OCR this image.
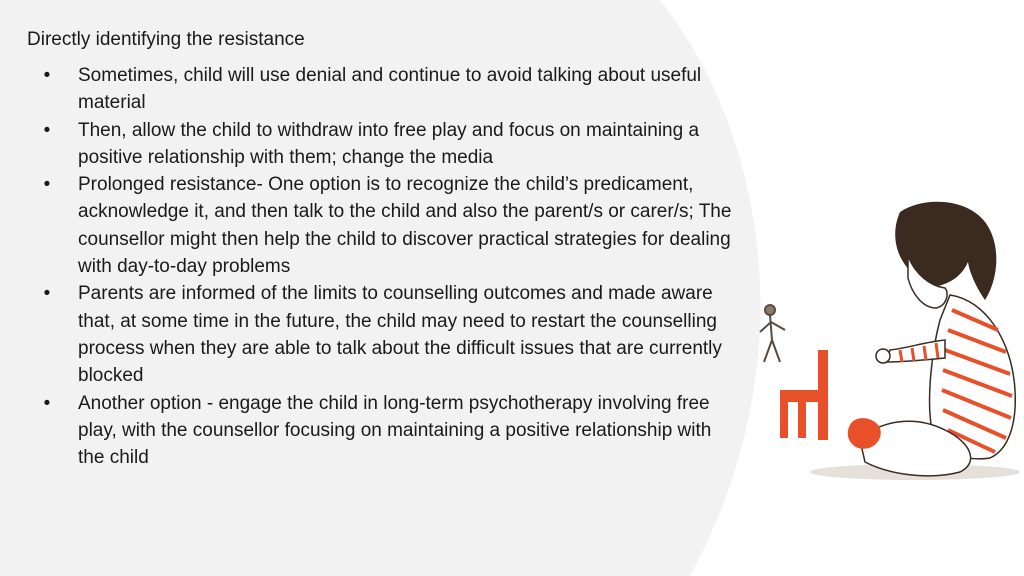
Directly identifying the resistance
• Sometimes, child will use denial and continue to avoid talking about useful material
• Then, allow the child to withdraw into free play and focus on maintaining a positive relationship with them; change the media
• Prolonged resistance- One option is to recognize the child’s predicament, acknowledge it, and then talk to the child and also the parent/s or carer/s; The counsellor might then help the child to discover practical strategies for dealing with day-to-day problems
• Parents are informed of the limits to counselling outcomes and made aware that, at some time in the future, the child may need to restart the counselling process when they are able to talk about the difficult issues that are currently blocked
• Another option - engage the child in long-term psychotherapy involving free play, with the counsellor focusing on maintaining a positive relationship with the child
